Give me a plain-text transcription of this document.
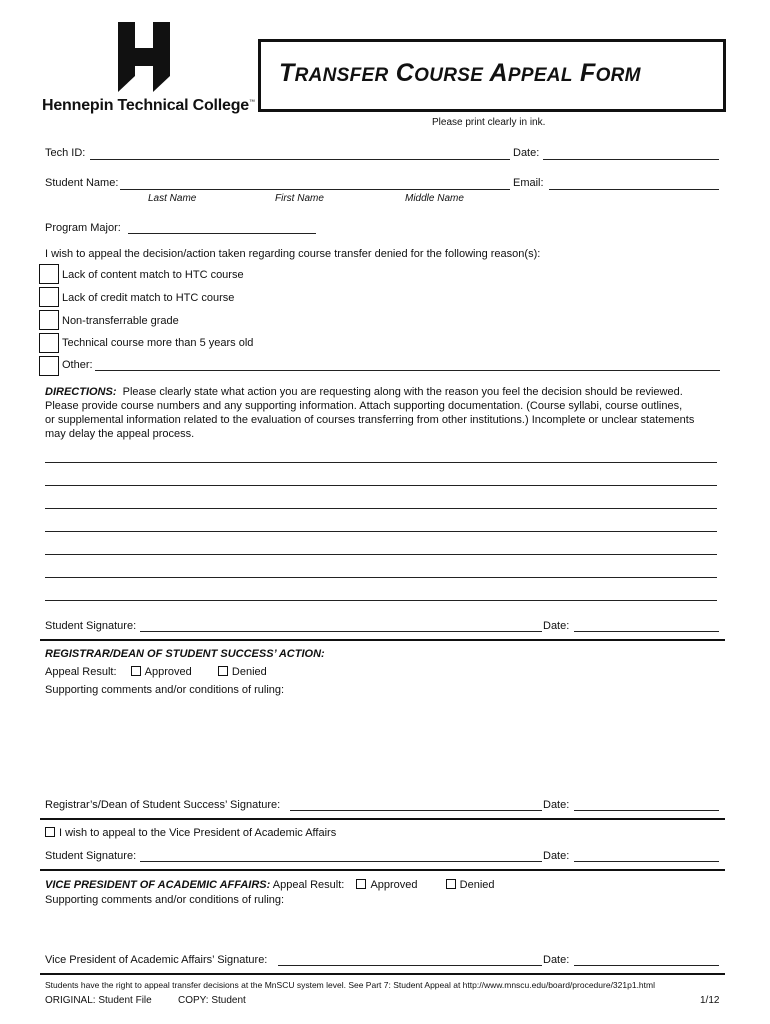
Hennepin Technical College™
TRANSFER COURSE APPEAL FORM
Please print clearly in ink.
Tech ID:	Date:
Student Name:	Email:
Last Name	First Name	Middle Name
Program Major:
I wish to appeal the decision/action taken regarding course transfer denied for the following reason(s):
Lack of content match to HTC course
Lack of credit match to HTC course
Non-transferrable grade
Technical course more than 5 years old
Other:
DIRECTIONS: Please clearly state what action you are requesting along with the reason you feel the decision should be reviewed.
Please provide course numbers and any supporting information. Attach supporting documentation. (Course syllabi, course outlines,
or supplemental information related to the evaluation of courses transferring from other institutions.) Incomplete or unclear statements
may delay the appeal process.
Student Signature:	Date:
REGISTRAR/DEAN OF STUDENT SUCCESS’ ACTION:
Appeal Result:	Approved	Denied
Supporting comments and/or conditions of ruling:
Registrar’s/Dean of Student Success’ Signature:	Date:
I wish to appeal to the Vice President of Academic Affairs
Student Signature:	Date:
VICE PRESIDENT OF ACADEMIC AFFAIRS: Appeal Result: Approved	Denied
Supporting comments and/or conditions of ruling:
Vice President of Academic Affairs’ Signature:	Date:
Students have the right to appeal transfer decisions at the MnSCU system level. See Part 7: Student Appeal at http://www.mnscu.edu/board/procedure/321p1.html
ORIGINAL: Student File	COPY: Student	1/12
